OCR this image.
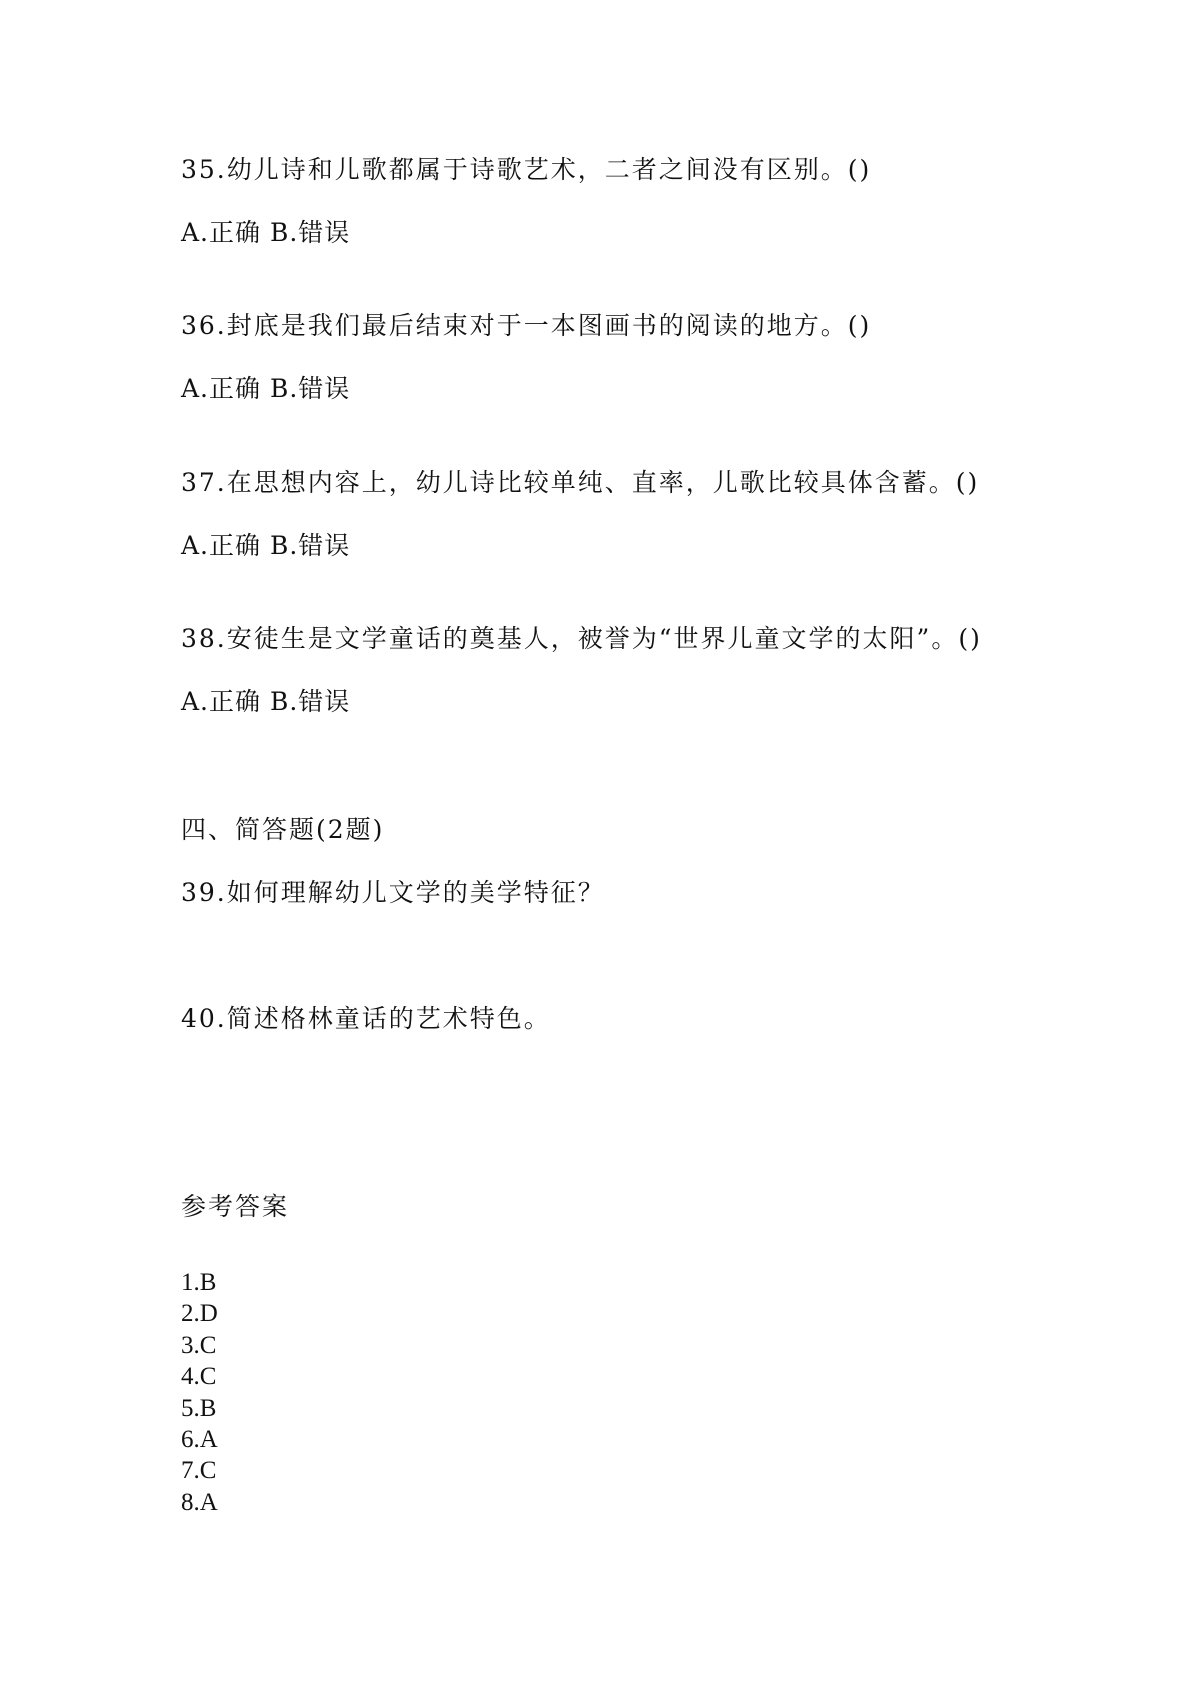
35.幼儿诗和儿歌都属于诗歌艺术，二者之间没有区别。()
A.正确 B.错误
36.封底是我们最后结束对于一本图画书的阅读的地方。()
A.正确 B.错误
37.在思想内容上，幼儿诗比较单纯、直率，儿歌比较具体含蓄。()
A.正确 B.错误
38.安徒生是文学童话的奠基人，被誉为“世界儿童文学的太阳”。()
A.正确 B.错误
四、简答题(2题)
39.如何理解幼儿文学的美学特征？
40.简述格林童话的艺术特色。
参考答案
1.B
2.D
3.C
4.C
5.B
6.A
7.C
8.A
